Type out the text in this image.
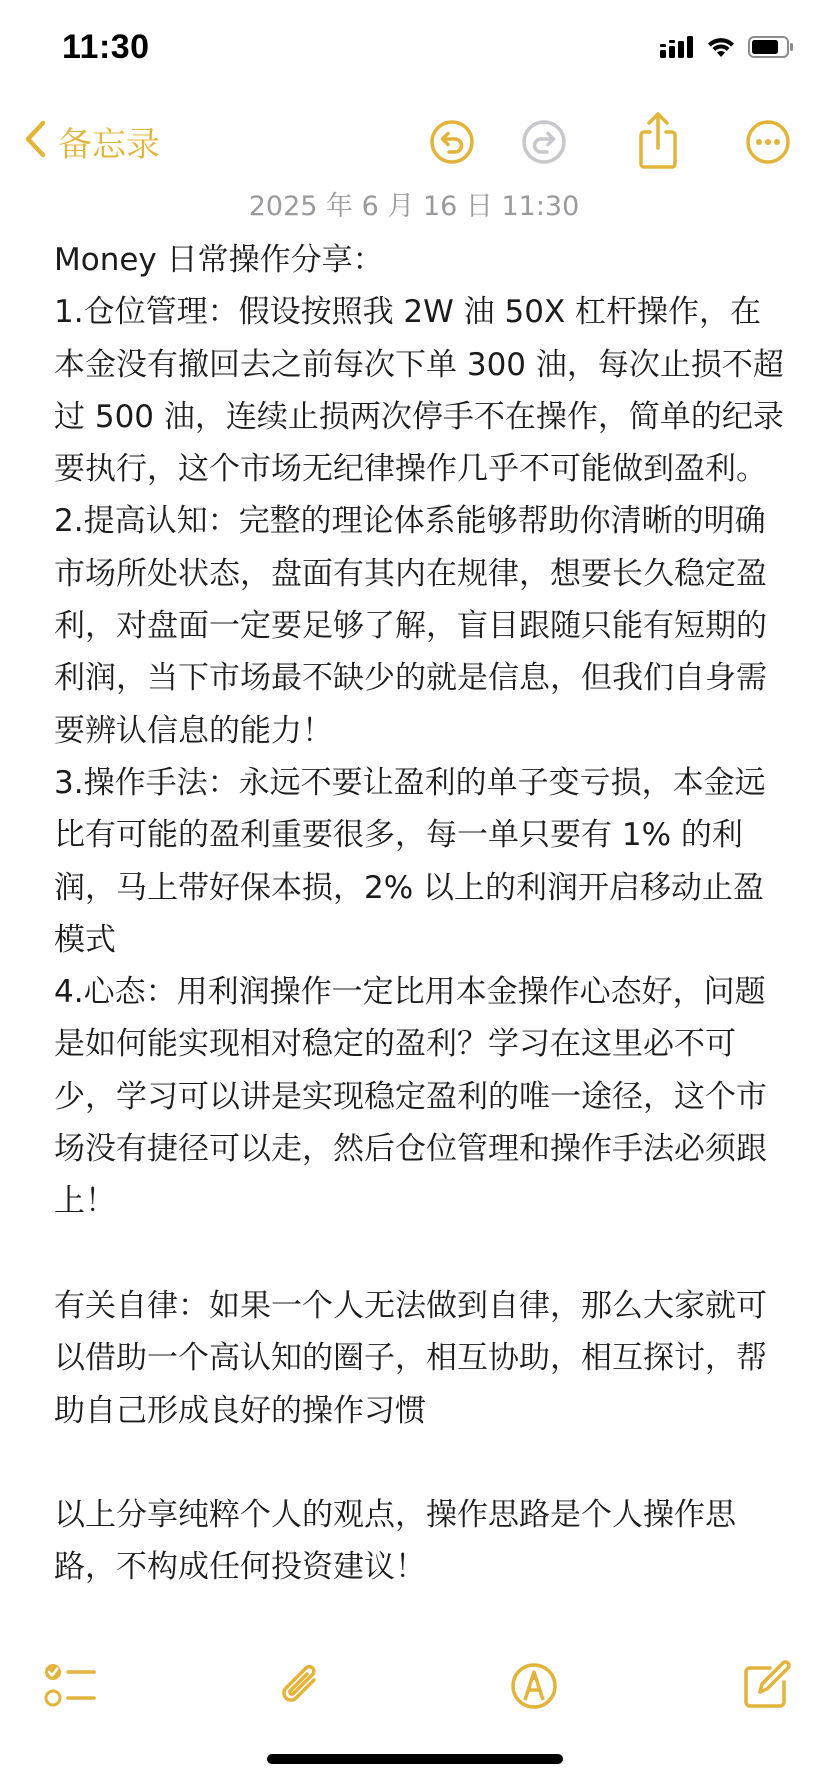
11:30
备忘录
2025 年 6 月 16 日 11:30

Money 日常操作分享：

1.仓位管理：假设按照我 2W 油 50X 杠杆操作，在本金没有撤回去之前每次下单 300 油，每次止损不超过 500 油，连续止损两次停手不在操作，简单的纪录要执行，这个市场无纪律操作几乎不可能做到盈利。

2.提高认知：完整的理论体系能够帮助你清晰的明确市场所处状态，盘面有其内在规律，想要长久稳定盈利，对盘面一定要足够了解，盲目跟随只能有短期的利润，当下市场最不缺少的就是信息，但我们自身需要辨认信息的能力！

3.操作手法：永远不要让盈利的单子变亏损，本金远比有可能的盈利重要很多，每一单只要有 1% 的利润，马上带好保本损，2% 以上的利润开启移动止盈模式

4.心态：用利润操作一定比用本金操作心态好，问题是如何能实现相对稳定的盈利？学习在这里必不可少，学习可以讲是实现稳定盈利的唯一途径，这个市场没有捷径可以走，然后仓位管理和操作手法必须跟上！

有关自律：如果一个人无法做到自律，那么大家就可以借助一个高认知的圈子，相互协助，相互探讨，帮助自己形成良好的操作习惯

以上分享纯粹个人的观点，操作思路是个人操作思路，不构成任何投资建议！
